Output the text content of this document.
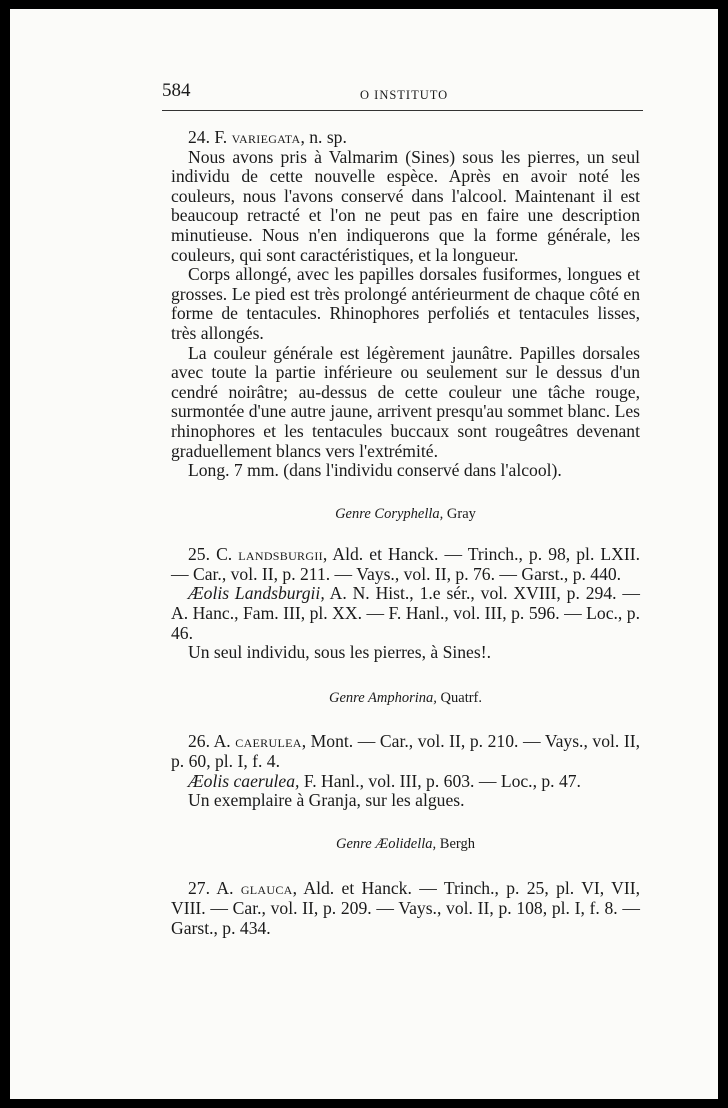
584	O INSTITUTO

24. F. variegata, n. sp.

Nous avons pris à Valmarim (Sines) sous les pierres, un seul individu de cette nouvelle espèce. Après en avoir noté les couleurs, nous l'avons conservé dans l'alcool. Maintenant il est beaucoup retracté et l'on ne peut pas en faire une description minutieuse. Nous n'en indiquerons que la forme générale, les couleurs, qui sont caractéristiques, et la longueur.

Corps allongé, avec les papilles dorsales fusiformes, longues et grosses. Le pied est très prolongé antérieurment de chaque côté en forme de tentacules. Rhinophores perfoliés et tentacules lisses, très allongés.

La couleur générale est légèrement jaunâtre. Papilles dorsales avec toute la partie inférieure ou seulement sur le dessus d'un cendré noirâtre; au-dessus de cette couleur une tâche rouge, surmontée d'une autre jaune, arrivent presqu'au sommet blanc. Les rhinophores et les tentacules buccaux sont rougeâtres devenant graduellement blancs vers l'extrémité.

Long. 7 mm. (dans l'individu conservé dans l'alcool).

Genre Coryphella, Gray

25. C. landsburgii, Ald. et Hanck. — Trinch., p. 98, pl. LXII. — Car., vol. II, p. 211. — Vays., vol. II, p. 76. — Garst., p. 440.

Æolis Landsburgii, A. N. Hist., 1.e sér., vol. XVIII, p. 294. — A. Hanc., Fam. III, pl. XX. — F. Hanl., vol. III, p. 596. — Loc., p. 46.

Un seul individu, sous les pierres, à Sines!.

Genre Amphorina, Quatrf.

26. A. caerulea, Mont. — Car., vol. II, p. 210. — Vays., vol. II, p. 60, pl. I, f. 4.

Æolis caerulea, F. Hanl., vol. III, p. 603. — Loc., p. 47.

Un exemplaire à Granja, sur les algues.

Genre Æolidella, Bergh

27. A. glauca, Ald. et Hanck. — Trinch., p. 25, pl. VI, VII, VIII. — Car., vol. II, p. 209. — Vays., vol. II, p. 108, pl. I, f. 8. — Garst., p. 434.
